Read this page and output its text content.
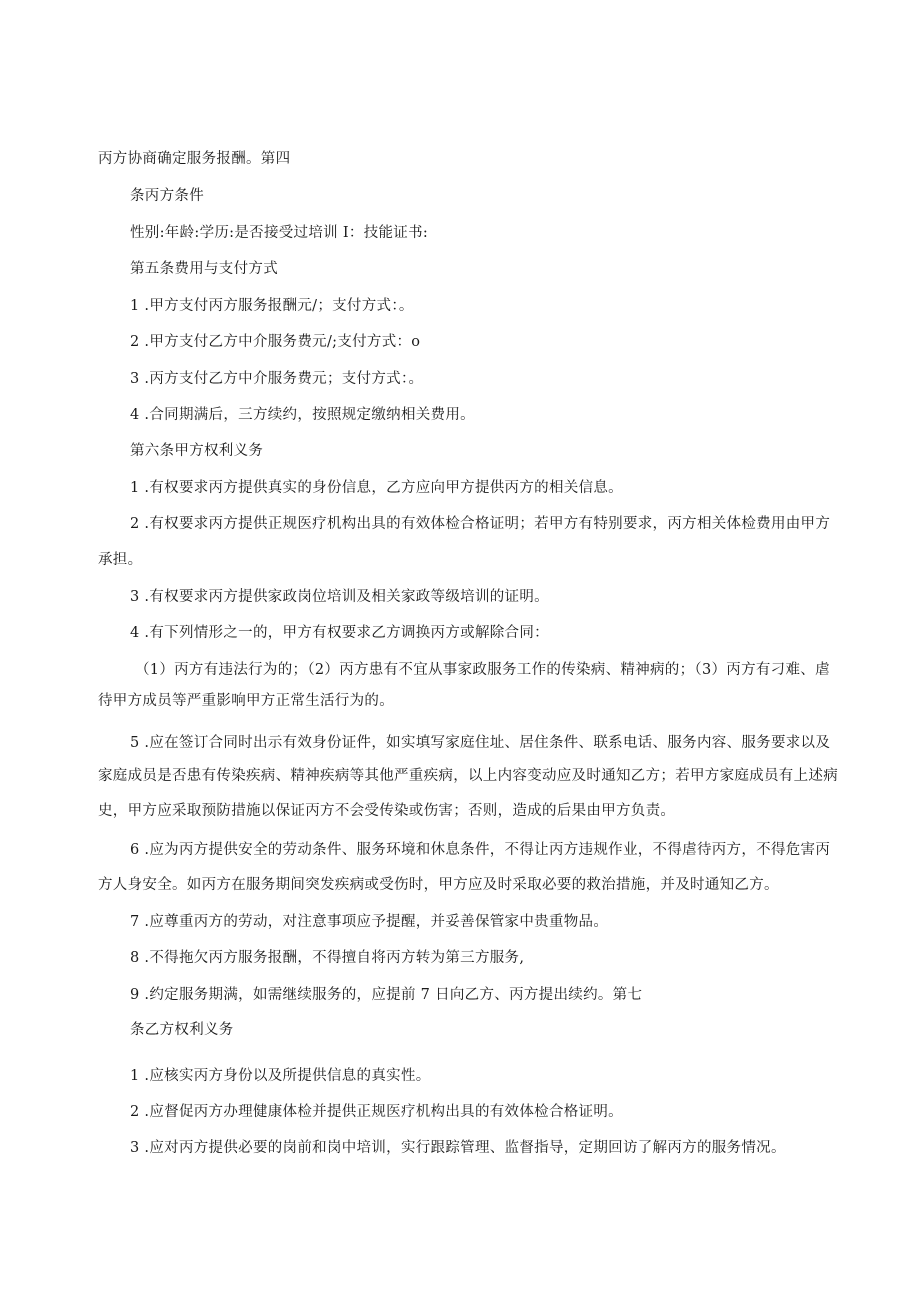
丙方协商确定服务报酬。第四
条丙方条件
性别:年龄:学历:是否接受过培训 I：技能证书:
第五条费用与支付方式
1 .甲方支付丙方服务报酬元/；支付方式：。
2 .甲方支付乙方中介服务费元/;支付方式：o
3 .丙方支付乙方中介服务费元；支付方式：。
4 .合同期满后，三方续约，按照规定缴纳相关费用。
第六条甲方权利义务
1 .有权要求丙方提供真实的身份信息，乙方应向甲方提供丙方的相关信息。
2 .有权要求丙方提供正规医疗机构出具的有效体检合格证明；若甲方有特别要求，丙方相关体检费用由甲方
承担。
3 .有权要求丙方提供家政岗位培训及相关家政等级培训的证明。
4 .有下列情形之一的，甲方有权要求乙方调换丙方或解除合同：
（1）丙方有违法行为的；（2）丙方患有不宜从事家政服务工作的传染病、精神病的；（3）丙方有刁难、虐
待甲方成员等严重影响甲方正常生活行为的。
5 .应在签订合同时出示有效身份证件，如实填写家庭住址、居住条件、联系电话、服务内容、服务要求以及
家庭成员是否患有传染疾病、精神疾病等其他严重疾病，以上内容变动应及时通知乙方；若甲方家庭成员有上述病
史，甲方应采取预防措施以保证丙方不会受传染或伤害；否则，造成的后果由甲方负责。
6 .应为丙方提供安全的劳动条件、服务环境和休息条件，不得让丙方违规作业，不得虐待丙方，不得危害丙
方人身安全。如丙方在服务期间突发疾病或受伤时，甲方应及时采取必要的救治措施，并及时通知乙方。
7 .应尊重丙方的劳动，对注意事项应予提醒，并妥善保管家中贵重物品。
8 .不得拖欠丙方服务报酬，不得擅自将丙方转为第三方服务,
9 .约定服务期满，如需继续服务的，应提前 7 日向乙方、丙方提出续约。第七
条乙方权利义务
1 .应核实丙方身份以及所提供信息的真实性。
2 .应督促丙方办理健康体检并提供正规医疗机构出具的有效体检合格证明。
3 .应对丙方提供必要的岗前和岗中培训，实行跟踪管理、监督指导，定期回访了解丙方的服务情况。
